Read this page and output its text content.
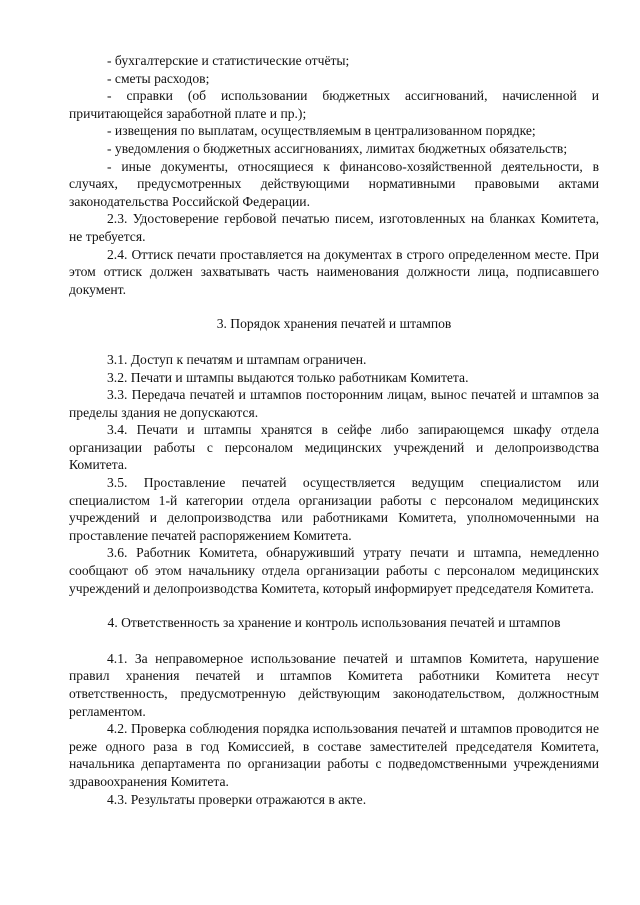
- бухгалтерские и статистические отчёты;

- сметы расходов;

- справки (об использовании бюджетных ассигнований, начисленной и причитающейся заработной плате и пр.);

- извещения по выплатам, осуществляемым в централизованном порядке;

- уведомления о бюджетных ассигнованиях, лимитах бюджетных обязательств;

- иные документы, относящиеся к финансово-хозяйственной деятельности, в случаях, предусмотренных действующими нормативными правовыми актами законодательства Российской Федерации.

2.3. Удостоверение гербовой печатью писем, изготовленных на бланках Комитета, не требуется.

2.4. Оттиск печати проставляется на документах в строго определенном месте. При этом оттиск должен захватывать часть наименования должности лица, подписавшего документ.

3. Порядок хранения печатей и штампов

3.1. Доступ к печатям и штампам ограничен.

3.2. Печати и штампы выдаются только работникам Комитета.

3.3. Передача печатей и штампов посторонним лицам, вынос печатей и штампов за пределы здания не допускаются.

3.4. Печати и штампы хранятся в сейфе либо запирающемся шкафу отдела организации работы с персоналом медицинских учреждений и делопроизводства Комитета.

3.5. Проставление печатей осуществляется ведущим специалистом или специалистом 1-й категории отдела организации работы с персоналом медицинских учреждений и делопроизводства или работниками Комитета, уполномоченными на проставление печатей распоряжением Комитета.

3.6. Работник Комитета, обнаруживший утрату печати и штампа, немедленно сообщают об этом начальнику отдела организации работы с персоналом медицинских учреждений и делопроизводства Комитета, который информирует председателя Комитета.

4. Ответственность за хранение и контроль использования печатей и штампов

4.1. За неправомерное использование печатей и штампов Комитета, нарушение правил хранения печатей и штампов Комитета работники Комитета несут ответственность, предусмотренную действующим законодательством, должностным регламентом.

4.2. Проверка соблюдения порядка использования печатей и штампов проводится не реже одного раза в год Комиссией, в составе заместителей председателя Комитета, начальника департамента по организации работы с подведомственными учреждениями здравоохранения Комитета.

4.3. Результаты проверки отражаются в акте.
